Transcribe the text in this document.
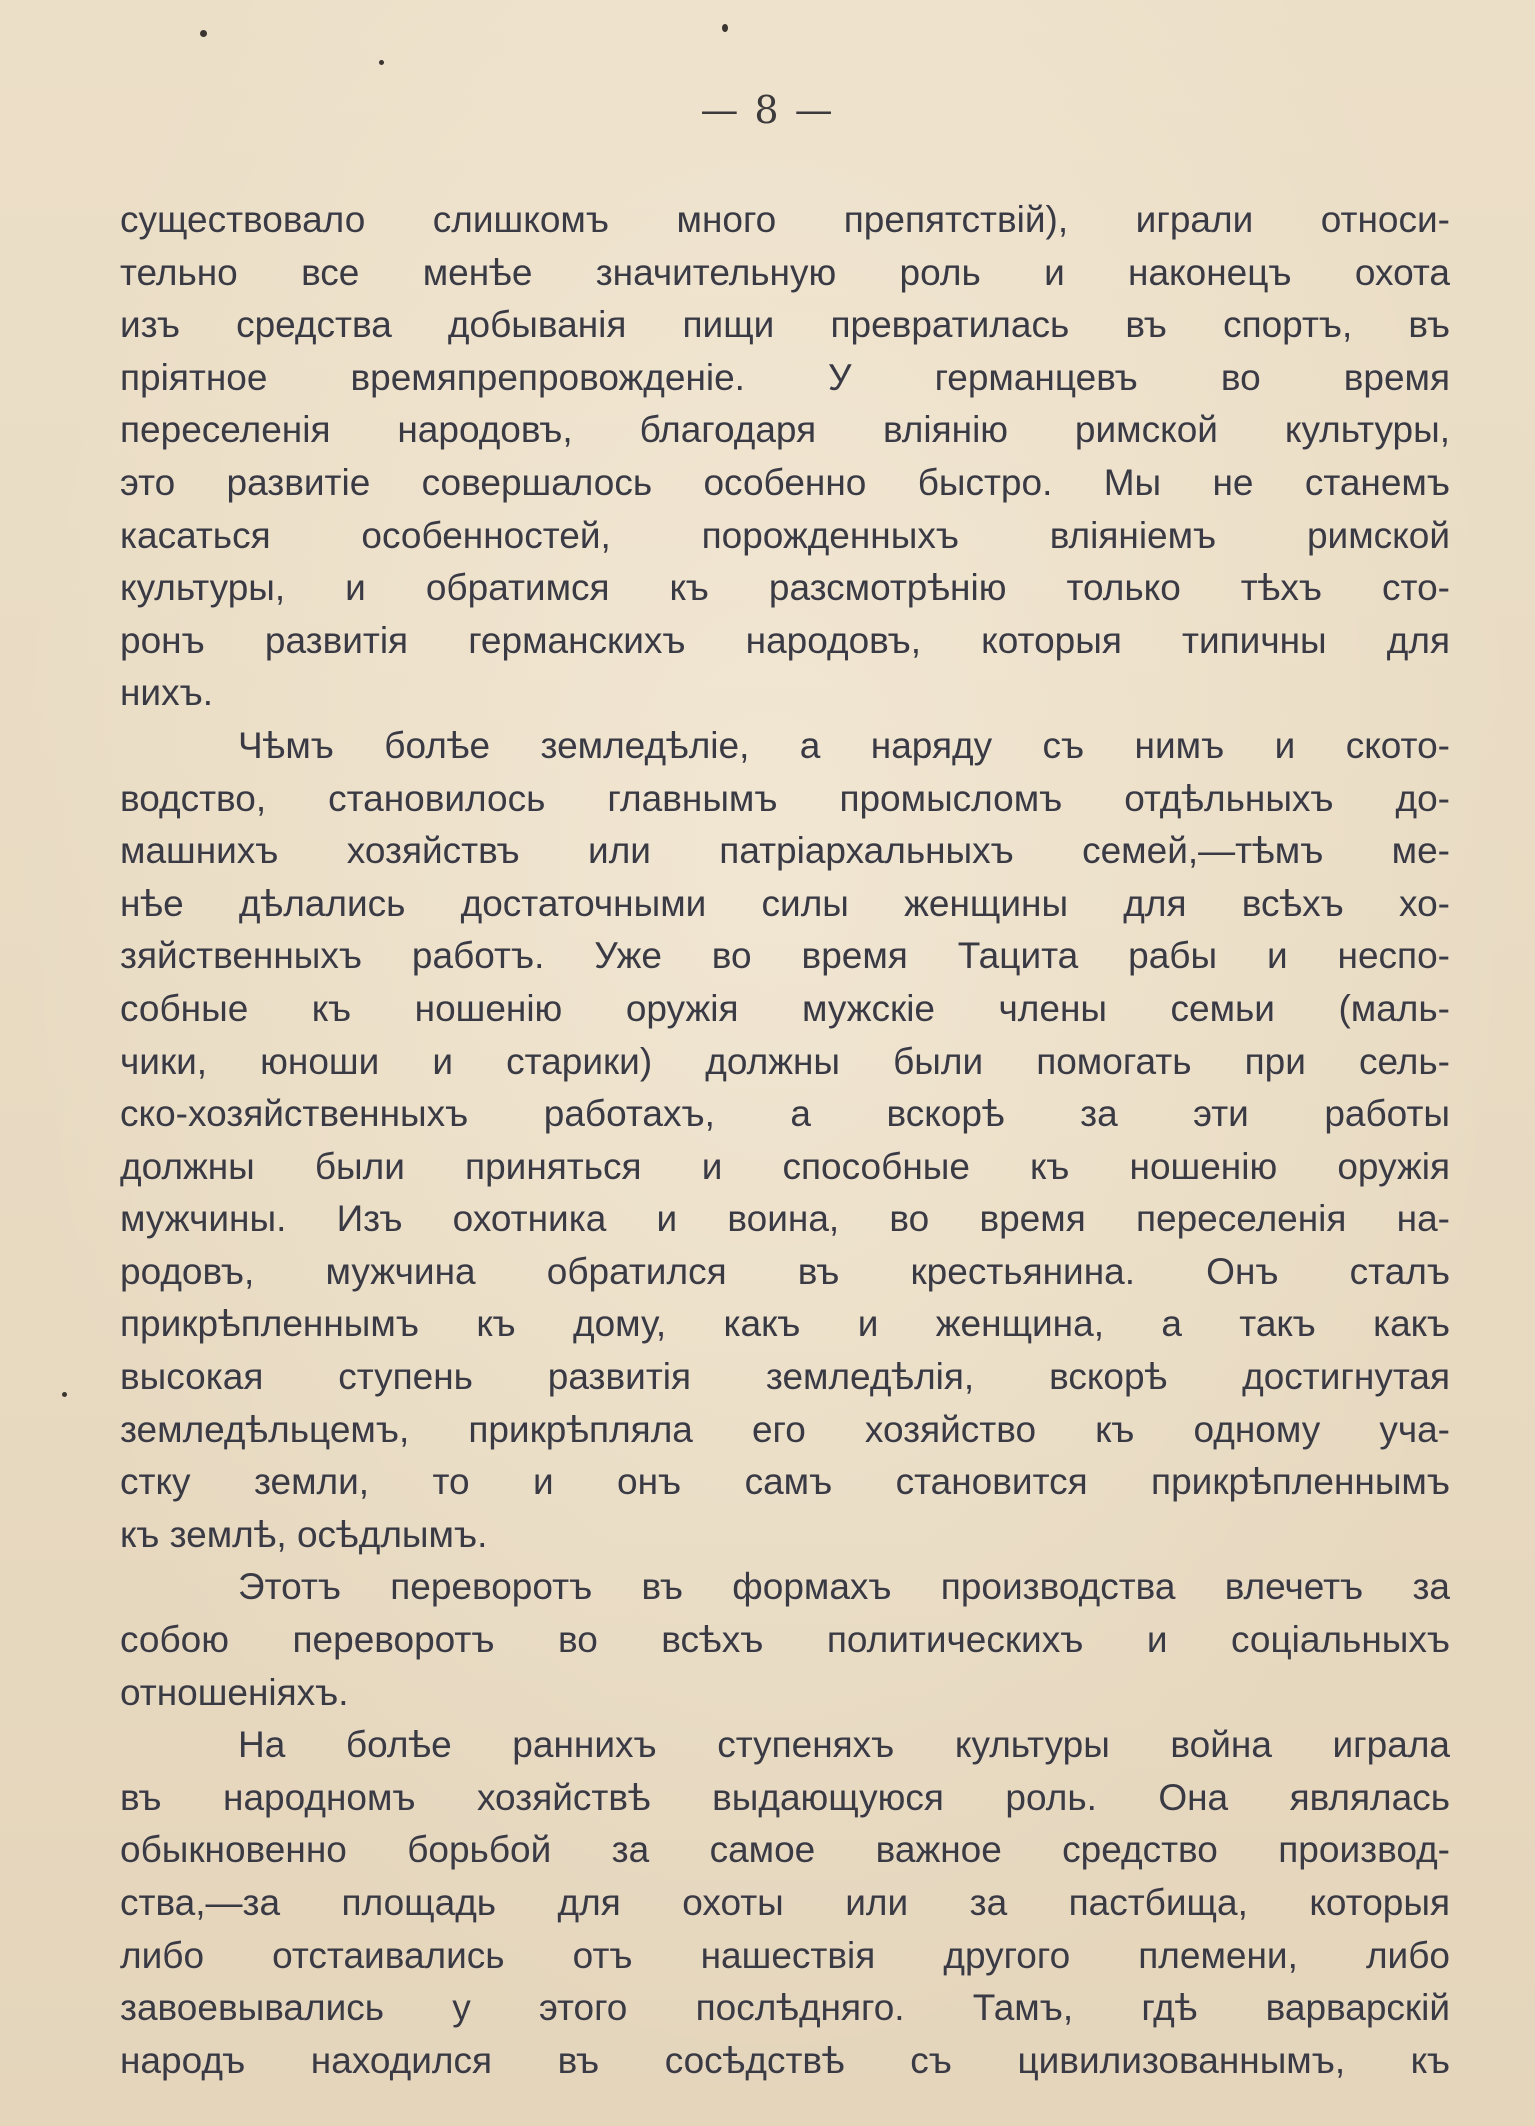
— 8 —

существовало слишкомъ много препятствій), играли относи-
тельно все менѣе значительную роль и наконецъ охота
изъ средства добыванія пищи превратилась въ спортъ, въ
пріятное времяпрепровожденіе. У германцевъ во время
переселенія народовъ, благодаря вліянію римской культуры,
это развитіе совершалось особенно быстро. Мы не станемъ
касаться особенностей, порожденныхъ вліяніемъ римской
культуры, и обратимся къ разсмотрѣнію только тѣхъ сто-
ронъ развитія германскихъ народовъ, которыя типичны для
нихъ.

Чѣмъ болѣе земледѣліе, а наряду съ нимъ и ското-
водство, становилось главнымъ промысломъ отдѣльныхъ до-
машнихъ хозяйствъ или патріархальныхъ семей,—тѣмъ ме-
нѣе дѣлались достаточными силы женщины для всѣхъ хо-
зяйственныхъ работъ. Уже во время Тацита рабы и неспо-
собные къ ношенію оружія мужскіе члены семьи (маль-
чики, юноши и старики) должны были помогать при сель-
ско-хозяйственныхъ работахъ, а вскорѣ за эти работы
должны были приняться и способные къ ношенію оружія
мужчины. Изъ охотника и воина, во время переселенія на-
родовъ, мужчина обратился въ крестьянина. Онъ сталъ
прикрѣпленнымъ къ дому, какъ и женщина, а такъ какъ
высокая ступень развитія земледѣлія, вскорѣ достигнутая
земледѣльцемъ, прикрѣпляла его хозяйство къ одному уча-
стку земли, то и онъ самъ становится прикрѣпленнымъ
къ землѣ, осѣдлымъ.

Этотъ переворотъ въ формахъ производства влечетъ за
собою переворотъ во всѣхъ политическихъ и соціальныхъ
отношеніяхъ.

На болѣе раннихъ ступеняхъ культуры война играла
въ народномъ хозяйствѣ выдающуюся роль. Она являлась
обыкновенно борьбой за самое важное средство производ-
ства,—за площадь для охоты или за пастбища, которыя
либо отстаивались отъ нашествія другого племени, либо
завоевывались у этого послѣдняго. Тамъ, гдѣ варварскій
народъ находился въ сосѣдствѣ съ цивилизованнымъ, къ
